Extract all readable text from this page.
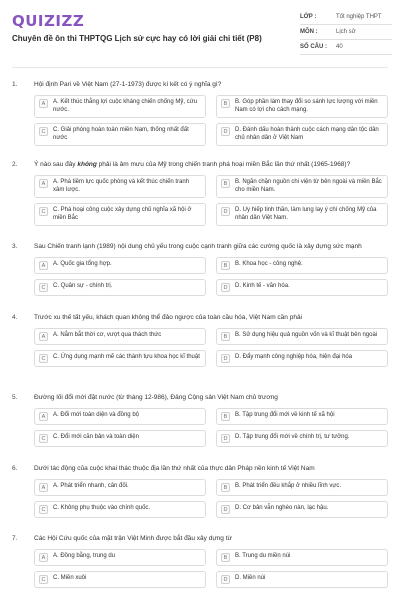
QUIZIZZ
Chuyên đề ôn thi THPTQG Lịch sử cực hay có lời giải chi tiết (P8)
LỚP :	Tốt nghiệp THPT
MÔN :	Lịch sử
SỐ CÂU :	40
1.	Hội định Pari về Việt Nam (27-1-1973) được kí kết có ý nghĩa gì?
A	A. Kết thúc thắng lợi cuộc kháng chiến chống Mỹ, cứu nước.
B	B. Góp phần làm thay đổi so sánh lực lượng với miền Nam có lợi cho cách mạng.
C	C. Giải phóng hoàn toàn miền Nam, thống nhất đất nước
D	D. Đánh dấu hoàn thành cuộc cách mạng dân tộc dân chủ nhân dân ở Việt Nam
2.	Ý nào sau đây không phải là âm mưu của Mỹ trong chiến tranh phá hoại miền Bắc lần thứ nhất (1965-1968)?
A	A. Phá tiềm lực quốc phòng và kết thúc chiến tranh xâm lược.
B	B. Ngăn chặn nguồn chi viện từ bên ngoài và miền Bắc cho miền Nam.
C	C. Phá hoại công cuộc xây dựng chủ nghĩa xã hội ở miền Bắc
D	D. Uy hiếp tinh thần, làm lung lay ý chí chống Mỹ của nhân dân Việt Nam.
3.	Sau Chiến tranh lạnh (1989) nội dung chủ yếu trong cuộc cạnh tranh giữa các cường quốc là xây dựng sức mạnh
A	A. Quốc gia tổng hợp.	B	B. Khoa học - công nghệ.
C	C. Quân sự - chính trị.	D	D. Kinh tế - văn hóa.
4.	Trước xu thế tất yếu, khách quan không thể đảo ngược của toàn cầu hóa, Việt Nam cần phải
A	A. Nắm bắt thời cơ, vượt qua thách thức	B	B. Sử dụng hiệu quả nguồn vốn và kĩ thuật bên ngoài
C	C. Ứng dụng mạnh mẽ các thành tựu khoa học kĩ thuật	D	D. Đẩy mạnh công nghiệp hóa, hiện đại hóa
5.	Đường lối đổi mới đặt nước (từ tháng 12-986), Đảng Cộng sản Việt Nam chủ trương
A	A. Đổi mới toàn diện và đồng bộ	B	B. Tập trung đổi mới về kinh tế xã hội
C	C. Đổi mới căn bản và toàn diện	D	D. Tập trung đổi mới về chính trị, tư tưởng.
6.	Dưới tác động của cuộc khai thác thuộc địa lần thứ nhất của thực dân Pháp nền kinh tế Việt Nam
A	A. Phát triển nhanh, cân đối.	B	B. Phát triển đều khắp ở nhiều lĩnh vực.
C	C. Không phụ thuộc vào chính quốc.	D	D. Cơ bản vẫn nghèo nàn, lạc hậu.
7.	Các Hội Cứu quốc của mặt trận Việt Minh được bắt đầu xây dựng từ
A	A. Đồng bằng, trung du	B	B. Trung du miền núi
C	C. Miền xuôi	D	D. Miền núi
